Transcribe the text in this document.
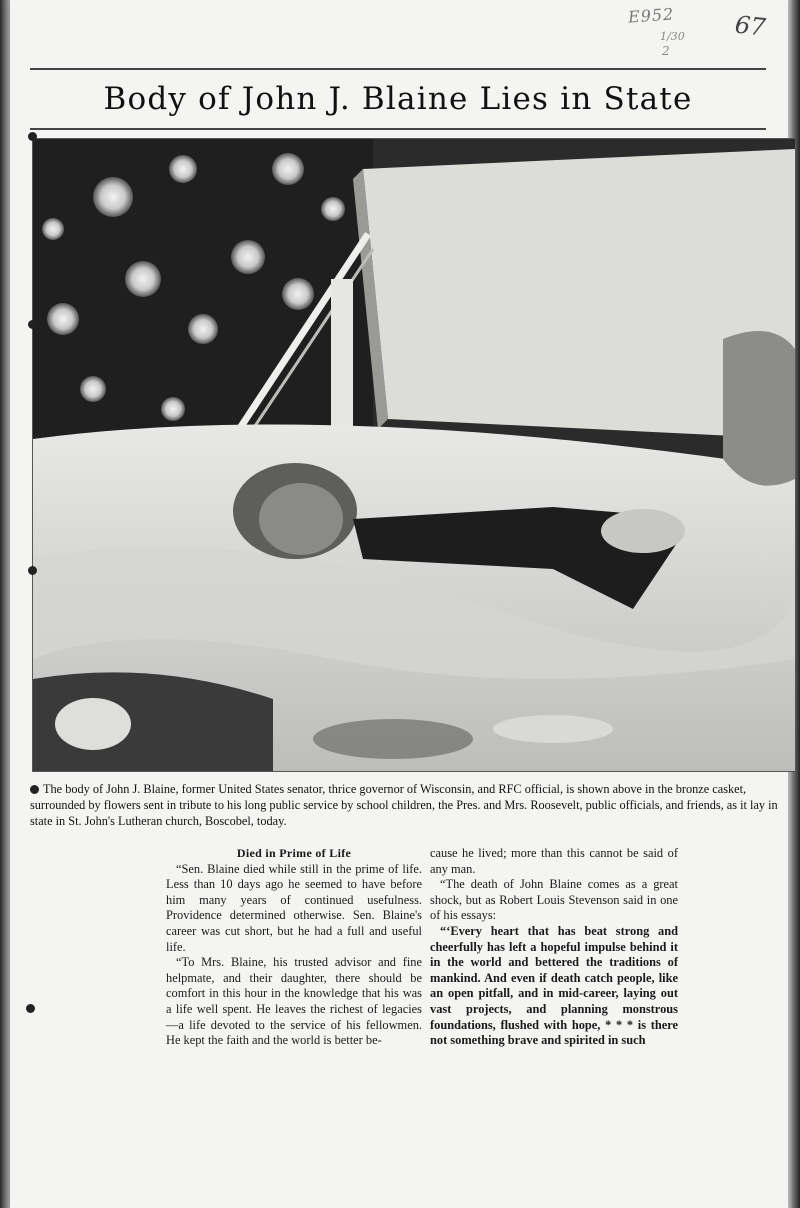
E952
1/30
2
67
Body of John J. Blaine Lies in State
The body of John J. Blaine, former United States senator, thrice governor of Wisconsin, and RFC official, is shown above in the bronze casket, surrounded by flowers sent in tribute to his long public service by school children, the Pres. and Mrs. Roosevelt, public officials, and friends, as it lay in state in St. John's Lutheran church, Boscobel, today.

Died in Prime of Life

“Sen. Blaine died while still in the prime of life. Less than 10 days ago he seemed to have before him many years of continued usefulness. Providence determined otherwise. Sen. Blaine's career was cut short, but he had a full and useful life.

“To Mrs. Blaine, his trusted advisor and fine helpmate, and their daughter, there should be comfort in this hour in the knowledge that his was a life well spent. He leaves the richest of legacies—a life devoted to the service of his fellowmen. He kept the faith and the world is better be-

cause he lived; more than this cannot be said of any man.

“The death of John Blaine comes as a great shock, but as Robert Louis Stevenson said in one of his essays:

“‘Every heart that has beat strong and cheerfully has left a hopeful impulse behind it in the world and bettered the traditions of mankind. And even if death catch people, like an open pitfall, and in mid-career, laying out vast projects, and planning monstrous foundations, flushed with hope, * * * is there not something brave and spirited in such
